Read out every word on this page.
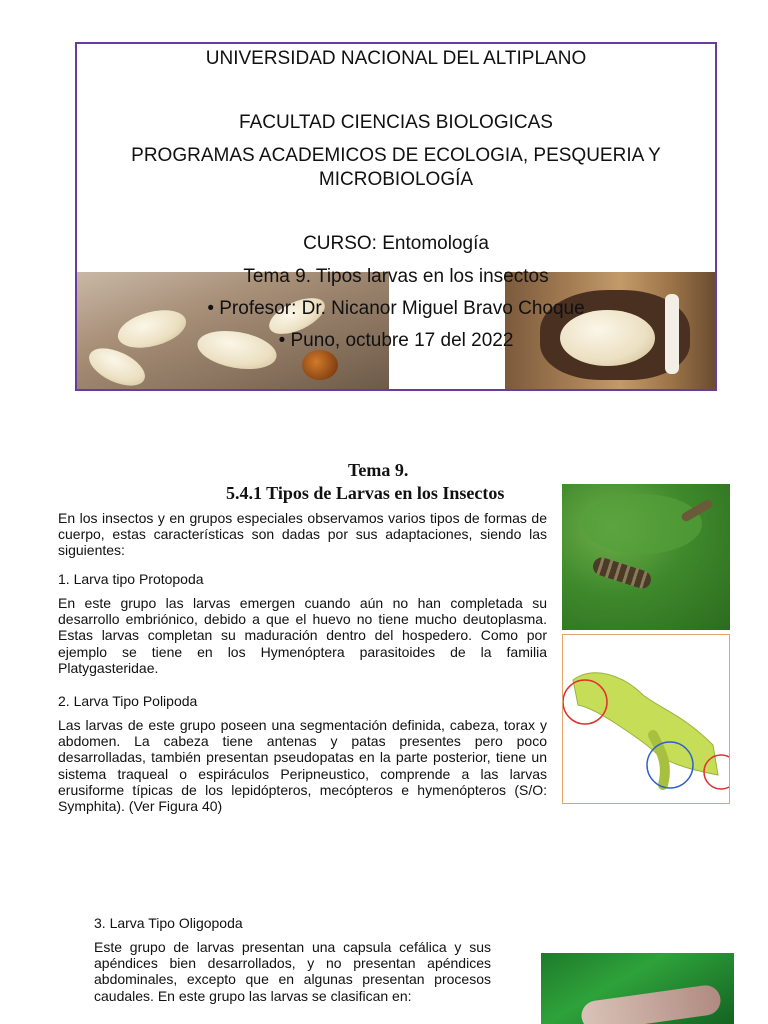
UNIVERSIDAD NACIONAL DEL ALTIPLANO
FACULTAD CIENCIAS BIOLOGICAS
PROGRAMAS ACADEMICOS DE ECOLOGIA, PESQUERIA Y
MICROBIOLOGÍA
CURSO: Entomología
Tema 9. Tipos larvas en los insectos
• Profesor: Dr. Nicanor Miguel Bravo Choque
• Puno, octubre 17 del 2022
Tema 9.
5.4.1 Tipos de Larvas en los Insectos
En los insectos y en grupos especiales observamos varios tipos de formas de cuerpo, estas características son dadas por sus adaptaciones, siendo las siguientes:
1. Larva tipo Protopoda
En este grupo las larvas emergen cuando aún no han completada su desarrollo embriónico, debido a que el huevo no tiene mucho deutoplasma. Estas larvas completan su maduración dentro del hospedero. Como por ejemplo se tiene en los Hymenóptera parasitoides de la familia Platygasteridae.
2. Larva Tipo Polipoda
Las larvas de este grupo poseen una segmentación definida, cabeza, torax y abdomen. La cabeza tiene antenas y patas presentes pero poco desarrolladas, también presentan pseudopatas en la parte posterior, tiene un sistema traqueal o espiráculos Peripneustico, comprende a las larvas erusiforme típicas de los lepidópteros, mecópteros e hymenópteros (S/O: Symphita). (Ver Figura 40)
3. Larva Tipo Oligopoda
Este grupo de larvas presentan una capsula cefálica y sus apéndices bien desarrollados, y no presentan apéndices abdominales, excepto que en algunas presentan procesos caudales. En este grupo las larvas se clasifican en:
